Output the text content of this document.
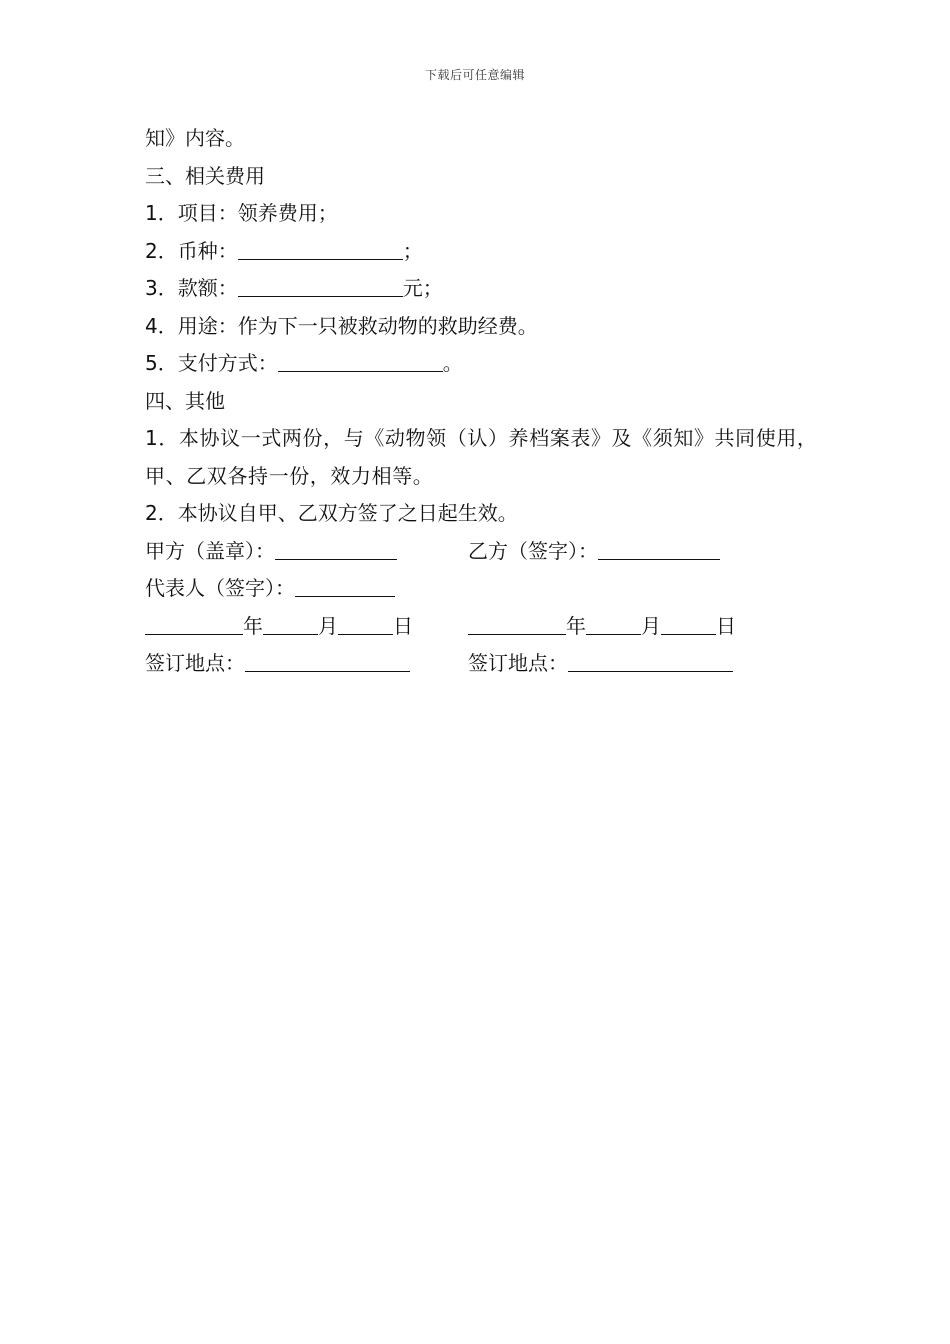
下载后可任意编辑
知》内容。
三、相关费用
1．项目：领养费用；
2．币种：	；
3．款额：	元；
4．用途：作为下一只被救动物的救助经费。
5．支付方式：	。
四、其他
1．本协议一式两份，与《动物领（认）养档案表》及《须知》共同使用，甲、乙双各持一份，效力相等。
2．本协议自甲、乙双方签了之日起生效。
甲方（盖章）：	乙方（签字）：
代表人（签字）：
年	月	日	年	月	日
签订地点：	签订地点：
